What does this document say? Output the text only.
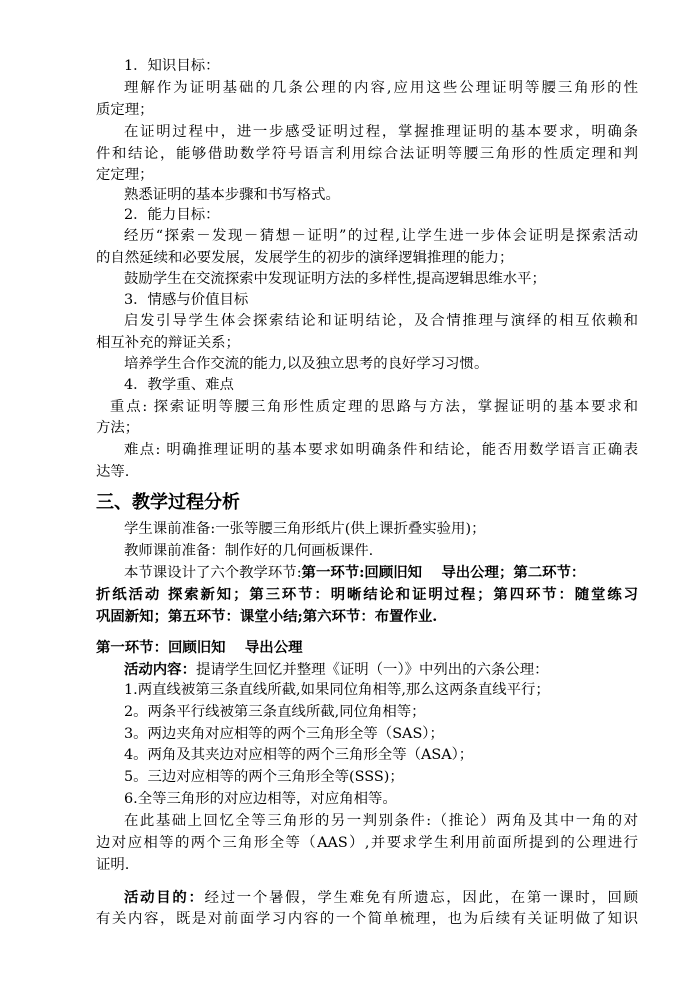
1．知识目标：
理解作为证明基础的几条公理的内容,应用这些公理证明等腰三角形的性
质定理；
在证明过程中，进一步感受证明过程，掌握推理证明的基本要求，明确条
件和结论，能够借助数学符号语言利用综合法证明等腰三角形的性质定理和判
定定理；
熟悉证明的基本步骤和书写格式。
2．能力目标：
经历“探索－发现－猜想－证明”的过程,让学生进一步体会证明是探索活动
的自然延续和必要发展，发展学生的初步的演绎逻辑推理的能力；
鼓励学生在交流探索中发现证明方法的多样性,提高逻辑思维水平；
3．情感与价值目标
启发引导学生体会探索结论和证明结论，及合情推理与演绎的相互依赖和
相互补充的辩证关系；
培养学生合作交流的能力,以及独立思考的良好学习习惯。
4．教学重、难点
重点: 探索证明等腰三角形性质定理的思路与方法，掌握证明的基本要求和
方法；
难点: 明确推理证明的基本要求如明确条件和结论，能否用数学语言正确表
达等.
三、教学过程分析
学生课前准备:一张等腰三角形纸片(供上课折叠实验用)；
教师课前准备：制作好的几何画板课件.
本节课设计了六个教学环节:第一环节:回顾旧知　 导出公理；第二环节：
折纸活动 探索新知；第三环节：明晰结论和证明过程；第四环节：随堂练习
巩固新知；第五环节：课堂小结;第六环节：布置作业.
第一环节：回顾旧知　 导出公理
活动内容：提请学生回忆并整理《证明（一）》中列出的六条公理：
1.两直线被第三条直线所截,如果同位角相等,那么这两条直线平行；
2。两条平行线被第三条直线所截,同位角相等；
3。两边夹角对应相等的两个三角形全等（SAS）；
4。两角及其夹边对应相等的两个三角形全等（ASA）；
5。三边对应相等的两个三角形全等(SSS)；
6.全等三角形的对应边相等，对应角相等。
在此基础上回忆全等三角形的另一判别条件:（推论）两角及其中一角的对
边对应相等的两个三角形全等（AAS）,并要求学生利用前面所提到的公理进行
证明.
活动目的：经过一个暑假，学生难免有所遗忘，因此，在第一课时，回顾
有关内容，既是对前面学习内容的一个简单梳理，也为后续有关证明做了知识
